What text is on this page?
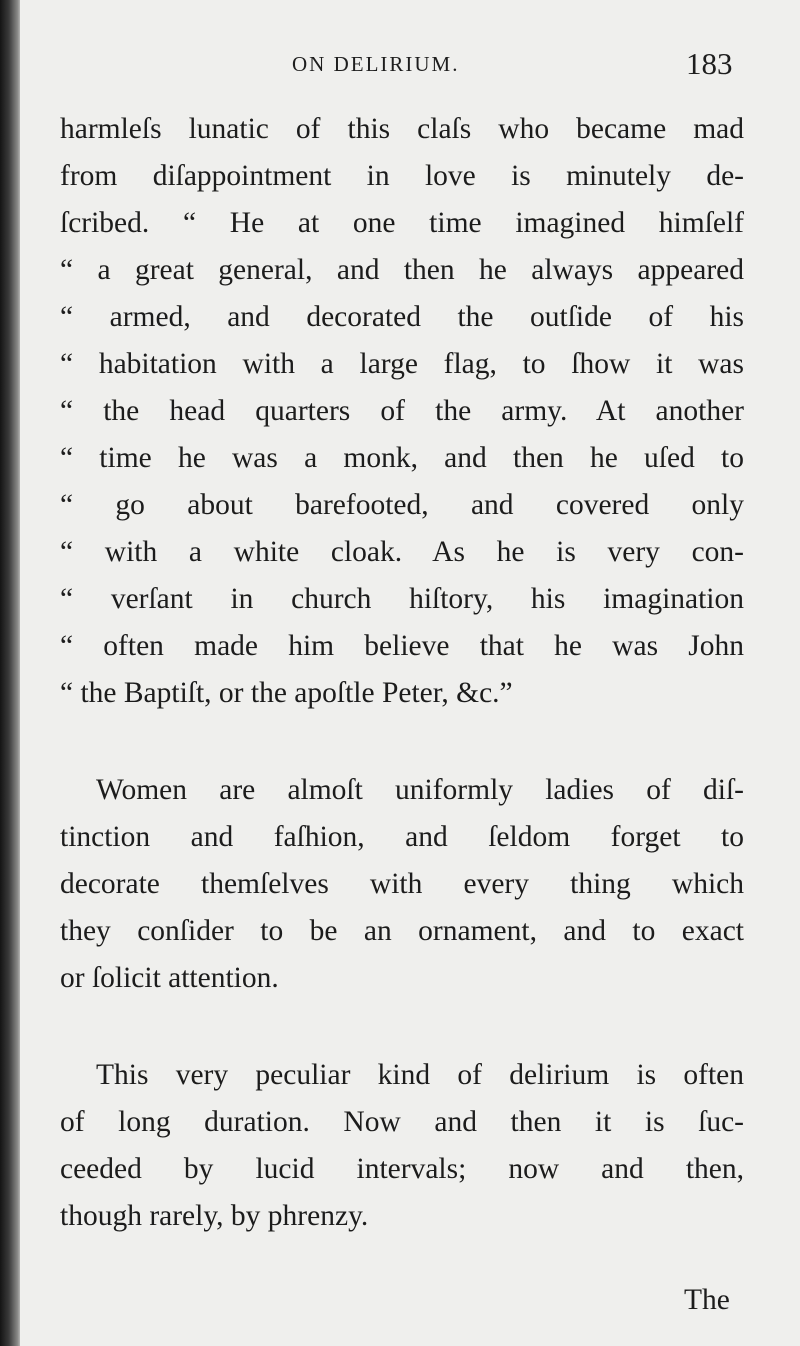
ON DELIRIUM.	183
harmleſs lunatic of this claſs who became mad
from diſappointment in love is minutely de-
ſcribed. “ He at one time imagined himſelf
“ a great general, and then he always appeared
“ armed, and decorated the outſide of his
“ habitation with a large flag, to ſhow it was
“ the head quarters of the army. At another
“ time he was a monk, and then he uſed to
“ go about barefooted, and covered only
“ with a white cloak. As he is very con-
“ verſant in church hiſtory, his imagination
“ often made him believe that he was John
“ the Baptiſt, or the apoſtle Peter, &c.”
Women are almoſt uniformly ladies of diſ-
tinction and faſhion, and ſeldom forget to
decorate themſelves with every thing which
they conſider to be an ornament, and to exact
or ſolicit attention.
This very peculiar kind of delirium is often
of long duration. Now and then it is ſuc-
ceeded by lucid intervals; now and then,
though rarely, by phrenzy.
The
